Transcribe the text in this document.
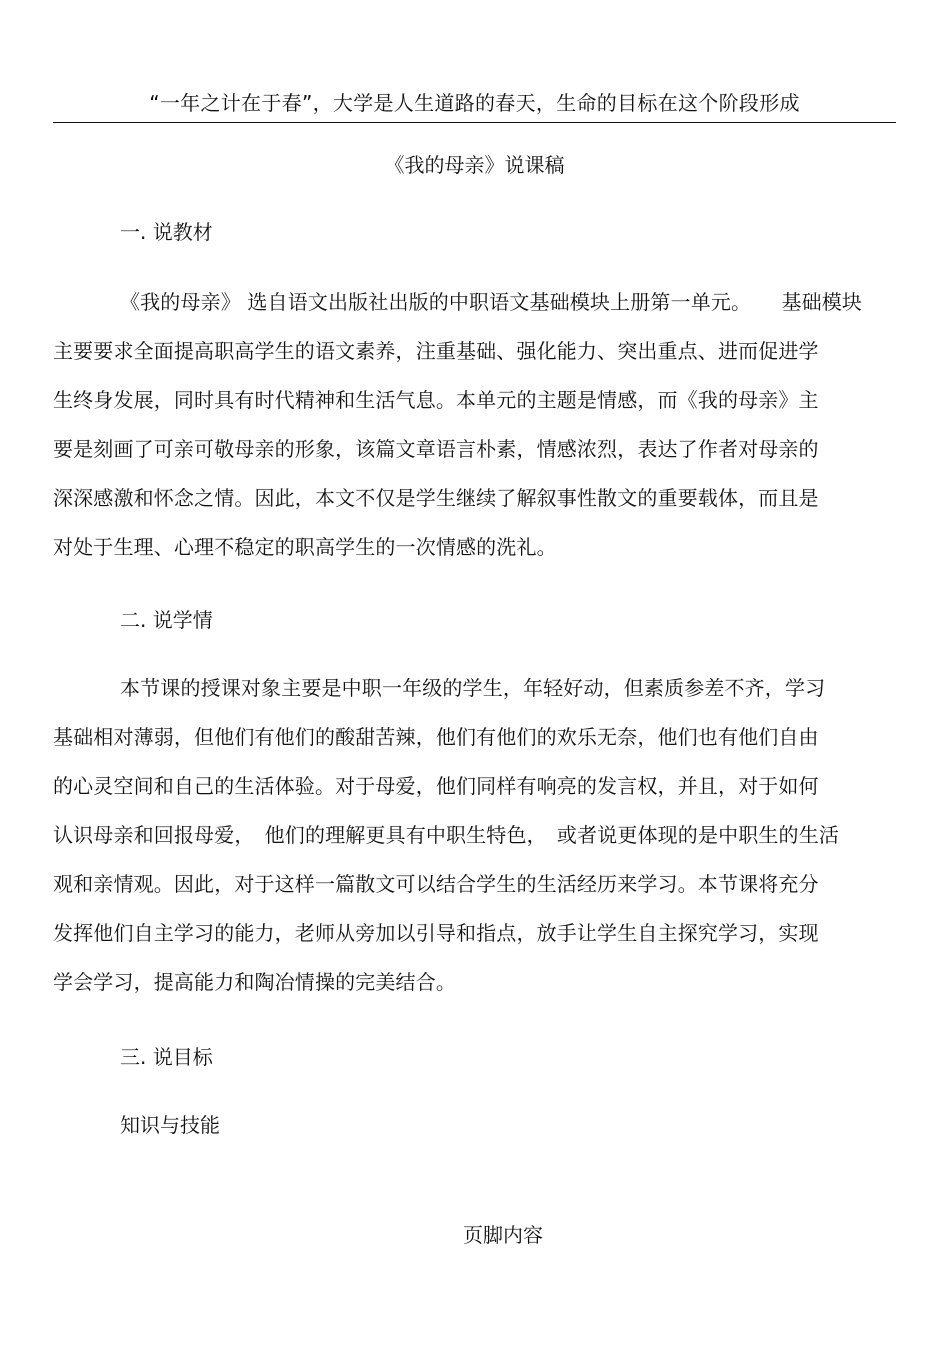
“一年之计在于春”，大学是人生道路的春天，生命的目标在这个阶段形成
《我的母亲》说课稿
一. 说教材
《我的母亲》 选自语文出版社出版的中职语文基础模块上册第一单元。　　基础模块
主要要求全面提高职高学生的语文素养，注重基础、强化能力、突出重点、进而促进学
生终身发展，同时具有时代精神和生活气息。本单元的主题是情感，而《我的母亲》主
要是刻画了可亲可敬母亲的形象，该篇文章语言朴素，情感浓烈，表达了作者对母亲的
深深感激和怀念之情。因此，本文不仅是学生继续了解叙事性散文的重要载体，而且是
对处于生理、心理不稳定的职高学生的一次情感的洗礼。
二. 说学情
本节课的授课对象主要是中职一年级的学生，年轻好动，但素质参差不齐，学习
基础相对薄弱，但他们有他们的酸甜苦辣，他们有他们的欢乐无奈，他们也有他们自由
的心灵空间和自己的生活体验。对于母爱，他们同样有响亮的发言权，并且，对于如何
认识母亲和回报母爱，　他们的理解更具有中职生特色，　或者说更体现的是中职生的生活
观和亲情观。因此，对于这样一篇散文可以结合学生的生活经历来学习。本节课将充分
发挥他们自主学习的能力，老师从旁加以引导和指点，放手让学生自主探究学习，实现
学会学习，提高能力和陶冶情操的完美结合。
三. 说目标
知识与技能
页脚内容
